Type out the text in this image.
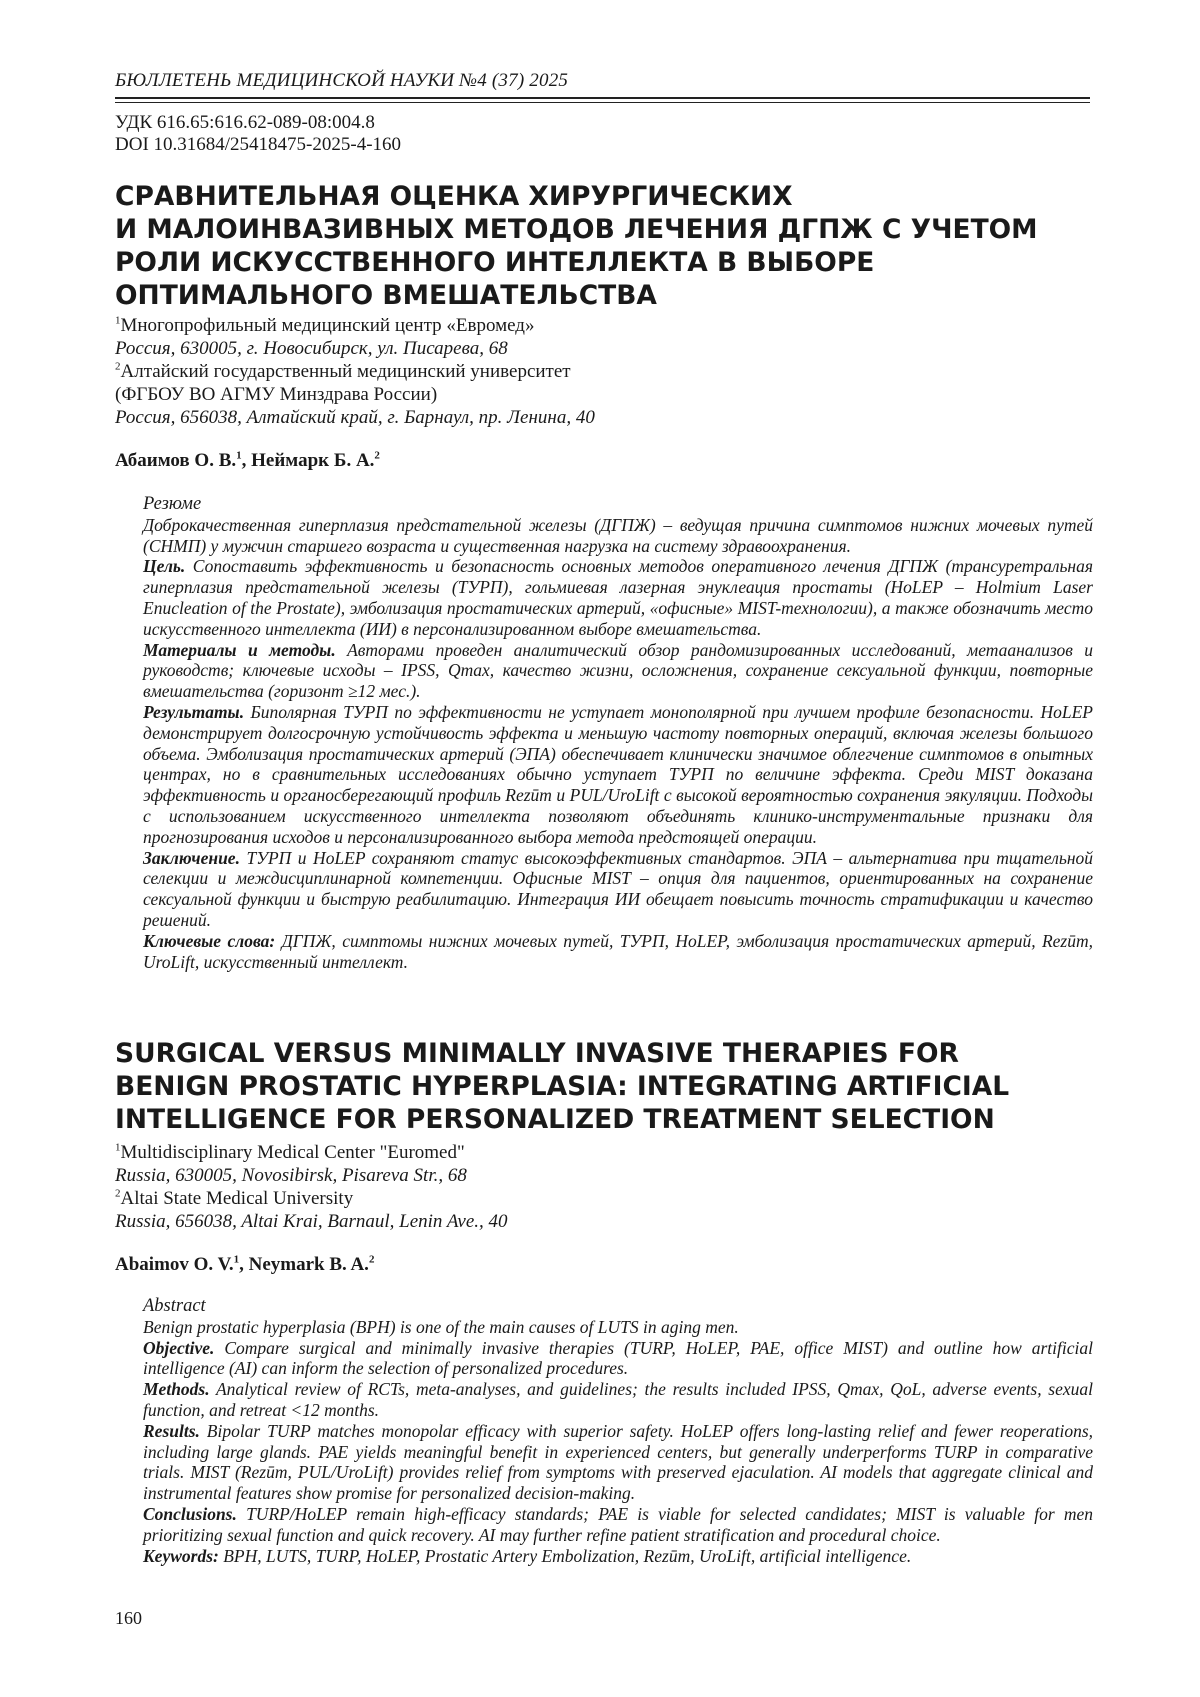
БЮЛЛЕТЕНЬ МЕДИЦИНСКОЙ НАУКИ №4 (37) 2025
УДК 616.65:616.62-089-08:004.8
DOI 10.31684/25418475-2025-4-160
СРАВНИТЕЛЬНАЯ ОЦЕНКА ХИРУРГИЧЕСКИХ
И МАЛОИНВАЗИВНЫХ МЕТОДОВ ЛЕЧЕНИЯ ДГПЖ С УЧЕТОМ
РОЛИ ИСКУССТВЕННОГО ИНТЕЛЛЕКТА В ВЫБОРЕ
ОПТИМАЛЬНОГО ВМЕШАТЕЛЬСТВА
$^1$Многопрофильный медицинский центр «Евромед»
Россия, 630005, г. Новосибирск, ул. Писарева, 68
$^2$Алтайский государственный медицинский университет
(ФГБОУ ВО АГМУ Минздрава России)
Россия, 656038, Алтайский край, г. Барнаул, пр. Ленина, 40
Абаимов О. В.$^1$, Неймарк Б. А.$^2$

Резюме

Доброкачественная гиперплазия предстательной железы (ДГПЖ) – ведущая причина симптомов нижних мочевых путей (СНМП) у мужчин старшего возраста и существенная нагрузка на систему здравоохранения.

Цель. Сопоставить эффективность и безопасность основных методов оперативного лечения ДГПЖ (трансуретральная гиперплазия предстательной железы (ТУРП), гольмиевая лазерная энуклеация простаты (HoLEP – Holmium Laser Enucleation of the Prostate), эмболизация простатических артерий, «офисные» MIST-технологии), а также обозначить место искусственного интеллекта (ИИ) в персонализированном выборе вмешательства.

Материалы и методы. Авторами проведен аналитический обзор рандомизированных исследований, метаанализов и руководств; ключевые исходы – IPSS, Qmax, качество жизни, осложнения, сохранение сексуальной функции, повторные вмешательства (горизонт ≥12 мес.).

Результаты. Биполярная ТУРП по эффективности не уступает монополярной при лучшем профиле безопасности. HoLEP демонстрирует долгосрочную устойчивость эффекта и меньшую частоту повторных операций, включая железы большого объема. Эмболизация простатических артерий (ЭПА) обеспечивает клинически значимое облегчение симптомов в опытных центрах, но в сравнительных исследованиях обычно уступает ТУРП по величине эффекта. Среди MIST доказана эффективность и органосберегающий профиль Rezūm и PUL/UroLift с высокой вероятностью сохранения эякуляции. Подходы с использованием искусственного интеллекта позволяют объединять клинико-инструментальные признаки для прогнозирования исходов и персонализированного выбора метода предстоящей операции.

Заключение. ТУРП и HoLEP сохраняют статус высокоэффективных стандартов. ЭПА – альтернатива при тщательной селекции и междисциплинарной компетенции. Офисные MIST – опция для пациентов, ориентированных на сохранение сексуальной функции и быструю реабилитацию. Интеграция ИИ обещает повысить точность стратификации и качество решений.

Ключевые слова: ДГПЖ, симптомы нижних мочевых путей, ТУРП, HoLEP, эмболизация простатических артерий, Rezūm, UroLift, искусственный интеллект.

SURGICAL VERSUS MINIMALLY INVASIVE THERAPIES FOR
BENIGN PROSTATIC HYPERPLASIA: INTEGRATING ARTIFICIAL
INTELLIGENCE FOR PERSONALIZED TREATMENT SELECTION
$^1$Multidisciplinary Medical Center "Euromed"
Russia, 630005, Novosibirsk, Pisareva Str., 68
$^2$Altai State Medical University
Russia, 656038, Altai Krai, Barnaul, Lenin Ave., 40
Abaimov O. V.$^1$, Neymark B. A.$^2$

Abstract

Benign prostatic hyperplasia (BPH) is one of the main causes of LUTS in aging men.

Objective. Compare surgical and minimally invasive therapies (TURP, HoLEP, PAE, office MIST) and outline how artificial intelligence (AI) can inform the selection of personalized procedures.

Methods. Analytical review of RCTs, meta-analyses, and guidelines; the results included IPSS, Qmax, QoL, adverse events, sexual function, and retreat <12 months.

Results. Bipolar TURP matches monopolar efficacy with superior safety. HoLEP offers long-lasting relief and fewer reoperations, including large glands. PAE yields meaningful benefit in experienced centers, but generally underperforms TURP in comparative trials. MIST (Rezūm, PUL/UroLift) provides relief from symptoms with preserved ejaculation. AI models that aggregate clinical and instrumental features show promise for personalized decision-making.

Conclusions. TURP/HoLEP remain high-efficacy standards; PAE is viable for selected candidates; MIST is valuable for men prioritizing sexual function and quick recovery. AI may further refine patient stratification and procedural choice.

Keywords: BPH, LUTS, TURP, HoLEP, Prostatic Artery Embolization, Rezūm, UroLift, artificial intelligence.

160
